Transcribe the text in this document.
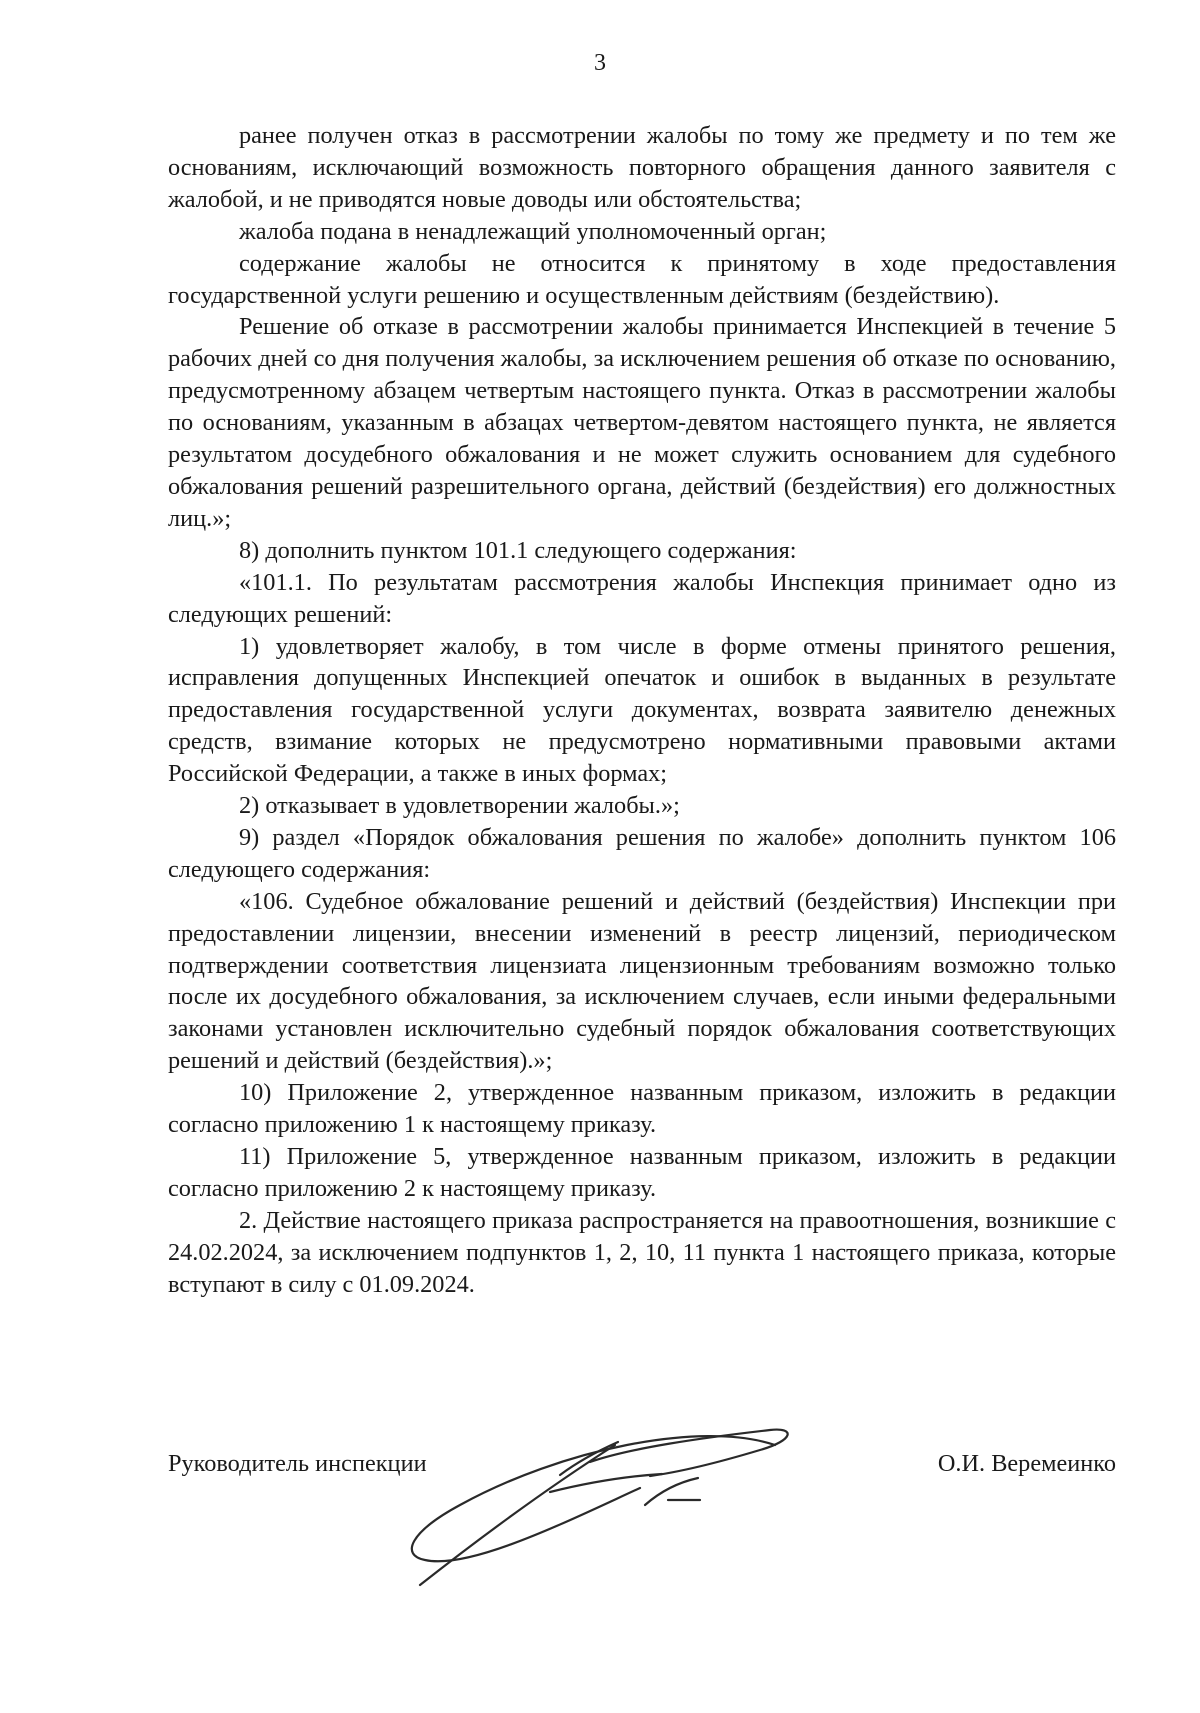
3

ранее получен отказ в рассмотрении жалобы по тому же предмету и по тем же основаниям, исключающий возможность повторного обращения данного заявителя с жалобой, и не приводятся новые доводы или обстоятельства;

жалоба подана в ненадлежащий уполномоченный орган;

содержание жалобы не относится к принятому в ходе предоставления государственной услуги решению и осуществленным действиям (бездействию).

Решение об отказе в рассмотрении жалобы принимается Инспекцией в течение 5 рабочих дней со дня получения жалобы, за исключением решения об отказе по основанию, предусмотренному абзацем четвертым настоящего пункта. Отказ в рассмотрении жалобы по основаниям, указанным в абзацах четвертом-девятом настоящего пункта, не является результатом досудебного обжалования и не может служить основанием для судебного обжалования решений разрешительного органа, действий (бездействия) его должностных лиц.»;

8) дополнить пунктом 101.1 следующего содержания:

«101.1. По результатам рассмотрения жалобы Инспекция принимает одно из следующих решений:

1) удовлетворяет жалобу, в том числе в форме отмены принятого решения, исправления допущенных Инспекцией опечаток и ошибок в выданных в результате предоставления государственной услуги документах, возврата заявителю денежных средств, взимание которых не предусмотрено нормативными правовыми актами Российской Федерации, а также в иных формах;

2) отказывает в удовлетворении жалобы.»;

9) раздел «Порядок обжалования решения по жалобе» дополнить пунктом 106 следующего содержания:

«106. Судебное обжалование решений и действий (бездействия) Инспекции при предоставлении лицензии, внесении изменений в реестр лицензий, периодическом подтверждении соответствия лицензиата лицензионным требованиям возможно только после их досудебного обжалования, за исключением случаев, если иными федеральными законами установлен исключительно судебный порядок обжалования соответствующих решений и действий (бездействия).»;

10) Приложение 2, утвержденное названным приказом, изложить в редакции согласно приложению 1 к настоящему приказу.

11) Приложение 5, утвержденное названным приказом, изложить в редакции согласно приложению 2 к настоящему приказу.

2. Действие настоящего приказа распространяется на правоотношения, возникшие с 24.02.2024, за исключением подпунктов 1, 2, 10, 11 пункта 1 настоящего приказа, которые вступают в силу с 01.09.2024.

Руководитель инспекции	О.И. Веремеинко
